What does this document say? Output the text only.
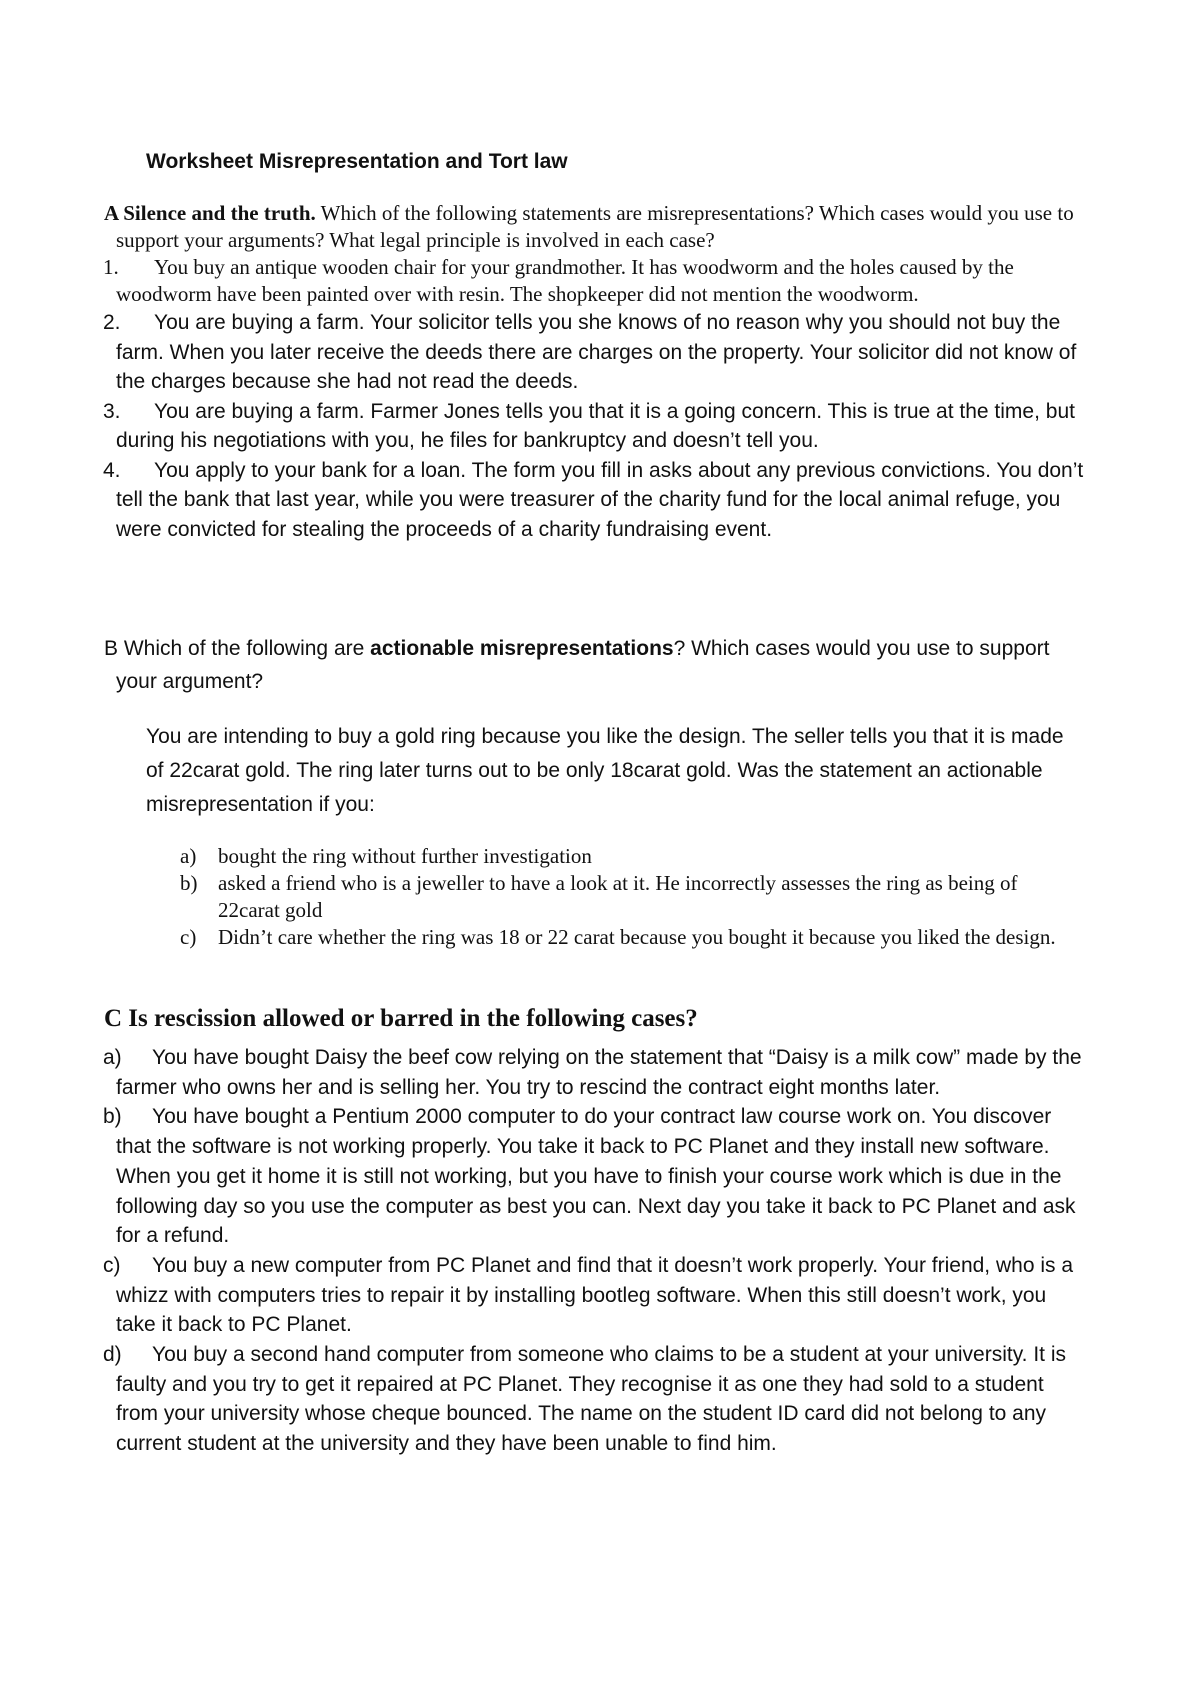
Worksheet Misrepresentation and Tort law

A Silence and the truth. Which of the following statements are misrepresentations? Which cases would you use to support your arguments? What legal principle is involved in each case?

1.	You buy an antique wooden chair for your grandmother. It has woodworm and the holes caused by the woodworm have been painted over with resin. The shopkeeper did not mention the woodworm.
2.	You are buying a farm. Your solicitor tells you she knows of no reason why you should not buy the farm. When you later receive the deeds there are charges on the property. Your solicitor did not know of the charges because she had not read the deeds.
3.	You are buying a farm. Farmer Jones tells you that it is a going concern. This is true at the time, but during his negotiations with you, he files for bankruptcy and doesn’t tell you.
4.	You apply to your bank for a loan. The form you fill in asks about any previous convictions. You don’t tell the bank that last year, while you were treasurer of the charity fund for the local animal refuge, you were convicted for stealing the proceeds of a charity fundraising event.

B Which of the following are actionable misrepresentations? Which cases would you use to support your argument?

You are intending to buy a gold ring because you like the design. The seller tells you that it is made of 22carat gold. The ring later turns out to be only 18carat gold. Was the statement an actionable misrepresentation if you:
a) bought the ring without further investigation
b) asked a friend who is a jeweller to have a look at it. He incorrectly assesses the ring as being of 22carat gold
c) Didn’t care whether the ring was 18 or 22 carat because you bought it because you liked the design.
C Is rescission allowed or barred in the following cases?
a)	You have bought Daisy the beef cow relying on the statement that “Daisy is a milk cow” made by the farmer who owns her and is selling her. You try to rescind the contract eight months later.
b)	You have bought a Pentium 2000 computer to do your contract law course work on. You discover that the software is not working properly. You take it back to PC Planet and they install new software. When you get it home it is still not working, but you have to finish your course work which is due in the following day so you use the computer as best you can. Next day you take it back to PC Planet and ask for a refund.
c)	You buy a new computer from PC Planet and find that it doesn’t work properly. Your friend, who is a whizz with computers tries to repair it by installing bootleg software. When this still doesn’t work, you take it back to PC Planet.
d)	You buy a second hand computer from someone who claims to be a student at your university. It is faulty and you try to get it repaired at PC Planet. They recognise it as one they had sold to a student from your university whose cheque bounced. The name on the student ID card did not belong to any current student at the university and they have been unable to find him.
